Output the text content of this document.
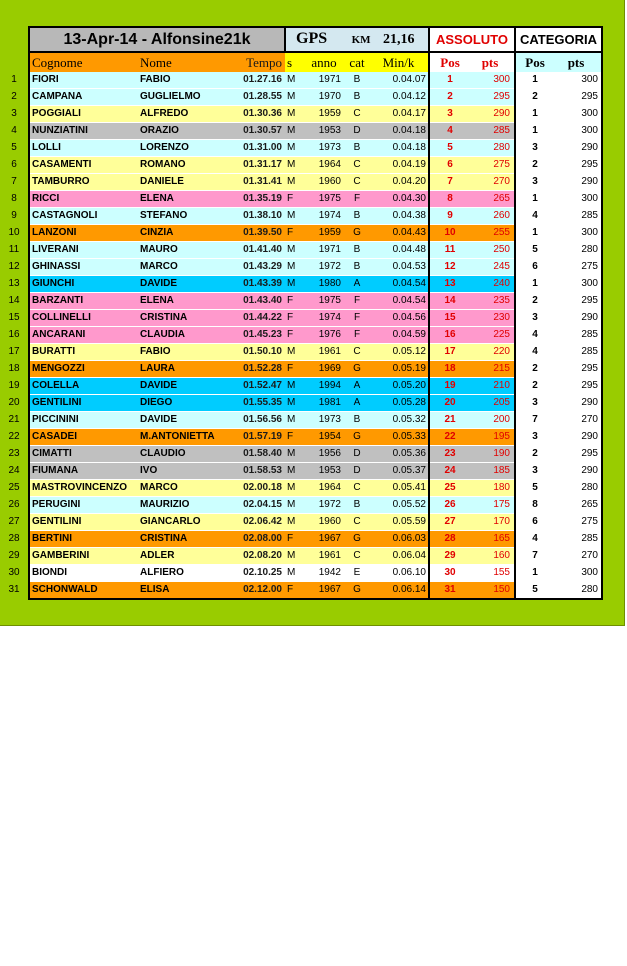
	13-Apr-14 - Alfonsine21k			GPS KM 21,16				ASSOLUTO		CATEGORIA	
	Cognome	Nome	Tempo	s	anno	cat	Min/k	Pos	pts	Pos	pts
1	FIORI	FABIO	01.27.16	M	1971	B	0.04.07	1	300	1	300
2	CAMPANA	GUGLIELMO	01.28.55	M	1970	B	0.04.12	2	295	2	295
3	POGGIALI	ALFREDO	01.30.36	M	1959	C	0.04.17	3	290	1	300
4	NUNZIATINI	ORAZIO	01.30.57	M	1953	D	0.04.18	4	285	1	300
5	LOLLI	LORENZO	01.31.00	M	1973	B	0.04.18	5	280	3	290
6	CASAMENTI	ROMANO	01.31.17	M	1964	C	0.04.19	6	275	2	295
7	TAMBURRO	DANIELE	01.31.41	M	1960	C	0.04.20	7	270	3	290
8	RICCI	ELENA	01.35.19	F	1975	F	0.04.30	8	265	1	300
9	CASTAGNOLI	STEFANO	01.38.10	M	1974	B	0.04.38	9	260	4	285
10	LANZONI	CINZIA	01.39.50	F	1959	G	0.04.43	10	255	1	300
11	LIVERANI	MAURO	01.41.40	M	1971	B	0.04.48	11	250	5	280
12	GHINASSI	MARCO	01.43.29	M	1972	B	0.04.53	12	245	6	275
13	GIUNCHI	DAVIDE	01.43.39	M	1980	A	0.04.54	13	240	1	300
14	BARZANTI	ELENA	01.43.40	F	1975	F	0.04.54	14	235	2	295
15	COLLINELLI	CRISTINA	01.44.22	F	1974	F	0.04.56	15	230	3	290
16	ANCARANI	CLAUDIA	01.45.23	F	1976	F	0.04.59	16	225	4	285
17	BURATTI	FABIO	01.50.10	M	1961	C	0.05.12	17	220	4	285
18	MENGOZZI	LAURA	01.52.28	F	1969	G	0.05.19	18	215	2	295
19	COLELLA	DAVIDE	01.52.47	M	1994	A	0.05.20	19	210	2	295
20	GENTILINI	DIEGO	01.55.35	M	1981	A	0.05.28	20	205	3	290
21	PICCININI	DAVIDE	01.56.56	M	1973	B	0.05.32	21	200	7	270
22	CASADEI	M.ANTONIETTA	01.57.19	F	1954	G	0.05.33	22	195	3	290
23	CIMATTI	CLAUDIO	01.58.40	M	1956	D	0.05.36	23	190	2	295
24	FIUMANA	IVO	01.58.53	M	1953	D	0.05.37	24	185	3	290
25	MASTROVINCENZO	MARCO	02.00.18	M	1964	C	0.05.41	25	180	5	280
26	PERUGINI	MAURIZIO	02.04.15	M	1972	B	0.05.52	26	175	8	265
27	GENTILINI	GIANCARLO	02.06.42	M	1960	C	0.05.59	27	170	6	275
28	BERTINI	CRISTINA	02.08.00	F	1967	G	0.06.03	28	165	4	285
29	GAMBERINI	ADLER	02.08.20	M	1961	C	0.06.04	29	160	7	270
30	BIONDI	ALFIERO	02.10.25	M	1942	E	0.06.10	30	155	1	300
31	SCHONWALD	ELISA	02.12.00	F	1967	G	0.06.14	31	150	5	280
